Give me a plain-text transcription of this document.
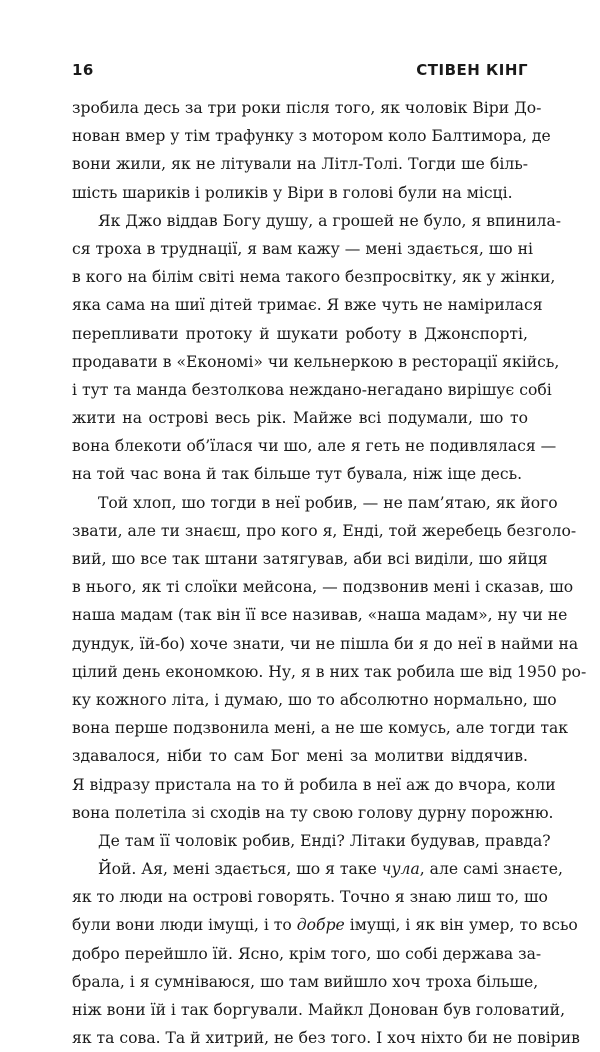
16	СТІВЕН КІНГ
зробила десь за три роки після того, як чоловік Віри До-
нован вмер у тім трафунку з мотором коло Балтимора, де
вони жили, як не літували на Літл-Толі. Тогди ше біль-
шість шариків і роликів у Віри в голові були на місці.
Як Джо віддав Богу душу, а грошей не було, я впинила-
ся троха в труднації, я вам кажу — мені здається, шо ні
в кого на білім світі нема такого безпросвітку, як у жінки,
яка сама на шиї дітей тримає. Я вже чуть не намірилася
перепливати протоку й шукати роботу в Джонспорті,
продавати в «Економі» чи кельнеркою в ресторації якійсь,
і тут та манда безтолкова нежданo-негадано вирішує собі
жити на острові весь рік. Майже всі подумали, шо то
вона блекоти об’їлася чи шо, але я геть не подивлялася —
на той час вона й так більше тут бувала, ніж іще десь.
Той хлоп, шо тогди в неї робив, — не пам’ятаю, як його
звати, але ти знаєш, про кого я, Енді, той жеребець безголо-
вий, шо все так штани затягував, аби всі виділи, шо яйця
в нього, як ті слоїки мейсона, — подзвонив мені і сказав, шо
наша мадам (так він її все називав, «наша мадам», ну чи не
дундук, їй-бо) хоче знати, чи не пішла би я до неї в найми на
цілий день економкою. Ну, я в них так робила ше від 1950 ро-
ку кожного літа, і думаю, шо то абсолютно нормально, шо
вона перше подзвонила мені, а не ше комусь, але тогди так
здавалося, ніби то сам Бог мені за молитви віддячив.
Я відразу пристала на то й робила в неї аж до вчора, коли
вона полетіла зі сходів на ту свою голову дурну порожню.
Де там її чоловік робив, Енді? Літаки будував, правда?
Йой. Ая, мені здається, шо я таке чула, але самі знаєте,
як то люди на острові говорять. Точно я знаю лиш то, шо
були вони люди імущі, і то добре імущі, і як він умер, то всьо
добро перейшло їй. Ясно, крім того, шо собі держава за-
брала, і я сумніваюся, шо там вийшло хоч троха більше,
ніж вони їй і так боргували. Майкл Донован був головатий,
як та сова. Та й хитрий, не без того. І хоч ніхто би не повірив
